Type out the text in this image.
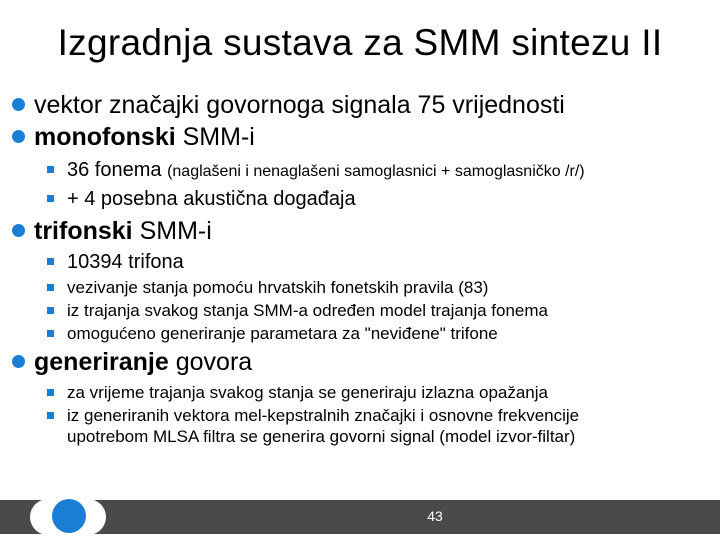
Izgradnja sustava za SMM sintezu II
vektor značajki govornoga signala 75 vrijednosti
monofonski SMM-i
36 fonema (naglašeni i nenaglašeni samoglasnici + samoglasničko /r/)
+ 4 posebna akustična događaja
trifonski SMM-i
10394 trifona
vezivanje stanja pomoću hrvatskih fonetskih pravila (83)
iz trajanja svakog stanja SMM-a određen model trajanja fonema
omogućeno generiranje parametara za "neviđene" trifone
generiranje govora
za vrijeme trajanja svakog stanja se generiraju izlazna opažanja
iz generiranih vektora mel-kepstralnih značajki i osnovne frekvencije
upotrebom MLSA filtra se generira govorni signal (model izvor-filtar)
43
